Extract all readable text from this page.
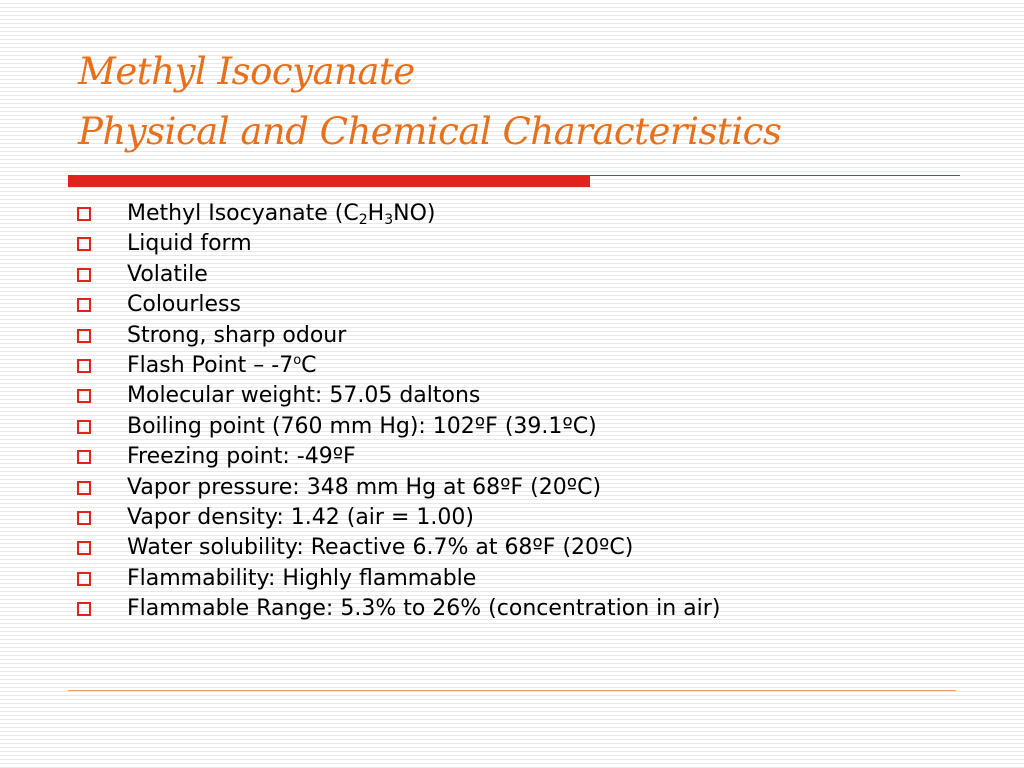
Methyl Isocyanate
Physical and Chemical Characteristics
Methyl Isocyanate $(C_2H_3NO)$
Liquid form
Volatile
Colourless
Strong, sharp odour
Flash Point – -7$^o$C
Molecular weight: 57.05 daltons
Boiling point (760 mm Hg): 102ºF (39.1ºC)
Freezing point: -49ºF
Vapor pressure: 348 mm Hg at 68ºF (20ºC)
Vapor density: 1.42 (air = 1.00)
Water solubility: Reactive 6.7% at 68ºF (20ºC)
Flammability: Highly flammable
Flammable Range: 5.3% to 26% (concentration in air)
